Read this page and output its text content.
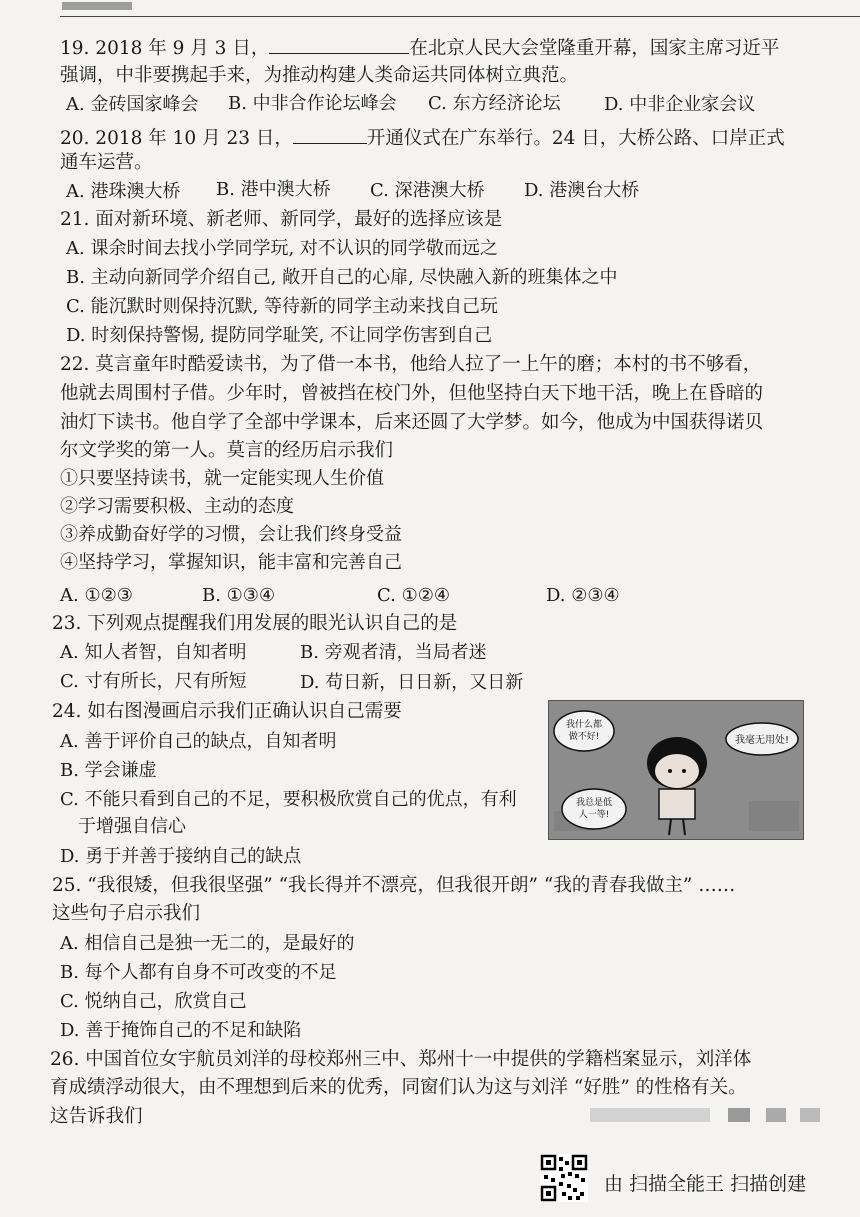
19. 2018 年 9 月 3 日，	在北京人民大会堂隆重开幕，国家主席习近平
强调，中非要携起手来，为推动构建人类命运共同体树立典范。
A. 金砖国家峰会 B. 中非合作论坛峰会 C. 东方经济论坛 D. 中非企业家会议
20. 2018 年 10 月 23 日，	开通仪式在广东举行。24 日，大桥公路、口岸正式
通车运营。
A. 港珠澳大桥 B. 港中澳大桥 C. 深港澳大桥 D. 港澳台大桥
21. 面对新环境、新老师、新同学，最好的选择应该是
A. 课余时间去找小学同学玩, 对不认识的同学敬而远之
B. 主动向新同学介绍自己, 敞开自己的心扉, 尽快融入新的班集体之中
C. 能沉默时则保持沉默, 等待新的同学主动来找自己玩
D. 时刻保持警惕, 提防同学耻笑, 不让同学伤害到自己
22. 莫言童年时酷爱读书，为了借一本书，他给人拉了一上午的磨；本村的书不够看，
他就去周围村子借。少年时，曾被挡在校门外，但他坚持白天下地干活，晚上在昏暗的
油灯下读书。他自学了全部中学课本，后来还圆了大学梦。如今，他成为中国获得诺贝
尔文学奖的第一人。莫言的经历启示我们
①只要坚持读书，就一定能实现人生价值
②学习需要积极、主动的态度
③养成勤奋好学的习惯，会让我们终身受益
④坚持学习，掌握知识，能丰富和完善自己
A. ①②③	B. ①③④	C. ①②④	D. ②③④
23. 下列观点提醒我们用发展的眼光认识自己的是
A. 知人者智，自知者明	B. 旁观者清，当局者迷
C. 寸有所长，尺有所短	D. 苟日新，日日新，又日新
24. 如右图漫画启示我们正确认识自己需要
A. 善于评价自己的缺点，自知者明
B. 学会谦虚
C. 不能只看到自己的不足，要积极欣赏自己的优点，有利
于增强自信心
D. 勇于并善于接纳自己的缺点
我什么都
做不好!	我毫无用处!
我总是低
人一等!
25. “我很矮，但我很坚强” “我长得并不漂亮，但我很开朗” “我的青春我做主” ……
这些句子启示我们
A. 相信自己是独一无二的，是最好的
B. 每个人都有自身不可改变的不足
C. 悦纳自己，欣赏自己
D. 善于掩饰自己的不足和缺陷
26. 中国首位女宇航员刘洋的母校郑州三中、郑州十一中提供的学籍档案显示，刘洋体
育成绩浮动很大，由不理想到后来的优秀，同窗们认为这与刘洋 “好胜” 的性格有关。
这告诉我们
由 扫描全能王 扫描创建
